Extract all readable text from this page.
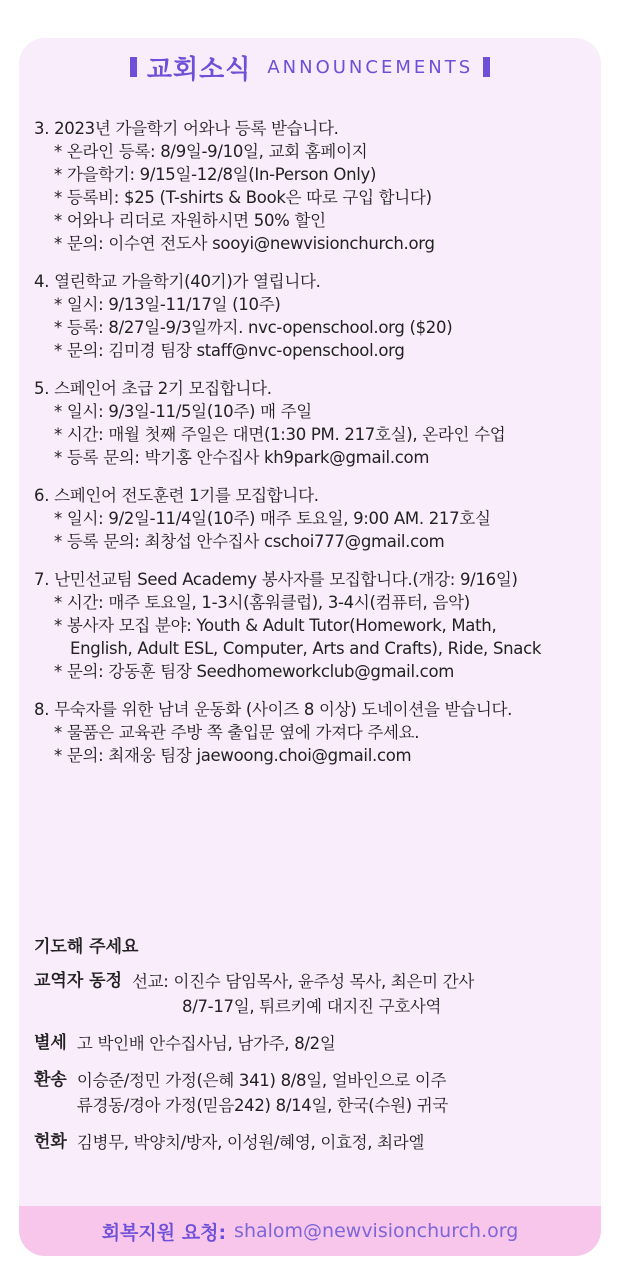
교회소식 ANNOUNCEMENTS
3. 2023년 가을학기 어와나 등록 받습니다.
* 온라인 등록: 8/9일-9/10일, 교회 홈페이지
* 가을학기: 9/15일-12/8일(In-Person Only)
* 등록비: $25 (T-shirts & Book은 따로 구입 합니다)
* 어와나 리더로 자원하시면 50% 할인
* 문의: 이수연 전도사 sooyi@newvisionchurch.org
4. 열린학교 가을학기(40기)가 열립니다.
* 일시: 9/13일-11/17일 (10주)
* 등록: 8/27일-9/3일까지. nvc-openschool.org ($20)
* 문의: 김미경 팀장 staff@nvc-openschool.org
5. 스페인어 초급 2기 모집합니다.
* 일시: 9/3일-11/5일(10주) 매 주일
* 시간: 매월 첫째 주일은 대면(1:30 PM. 217호실), 온라인 수업
* 등록 문의: 박기홍 안수집사 kh9park@gmail.com
6. 스페인어 전도훈련 1기를 모집합니다.
* 일시: 9/2일-11/4일(10주) 매주 토요일, 9:00 AM. 217호실
* 등록 문의: 최창섭 안수집사 cschoi777@gmail.com
7. 난민선교팀 Seed Academy 봉사자를 모집합니다.(개강: 9/16일)
* 시간: 매주 토요일, 1-3시(홈워클럽), 3-4시(컴퓨터, 음악)
* 봉사자 모집 분야: Youth & Adult Tutor(Homework, Math,
English, Adult ESL, Computer, Arts and Crafts), Ride, Snack
* 문의: 강동훈 팀장 Seedhomeworkclub@gmail.com
8. 무숙자를 위한 남녀 운동화 (사이즈 8 이상) 도네이션을 받습니다.
* 물품은 교육관 주방 쪽 출입문 옆에 가져다 주세요.
* 문의: 최재웅 팀장 jaewoong.choi@gmail.com
기도해 주세요
교역자 동정 선교: 이진수 담임목사, 윤주성 목사, 최은미 간사
8/7-17일, 튀르키예 대지진 구호사역
별세 고 박인배 안수집사님, 남가주, 8/2일
환송 이승준/정민 가정(은혜 341) 8/8일, 얼바인으로 이주
류경동/경아 가정(믿음242) 8/14일, 한국(수원) 귀국
헌화 김병무, 박양치/방자, 이성원/혜영, 이효정, 최라엘
회복지원 요청: shalom@newvisionchurch.org
